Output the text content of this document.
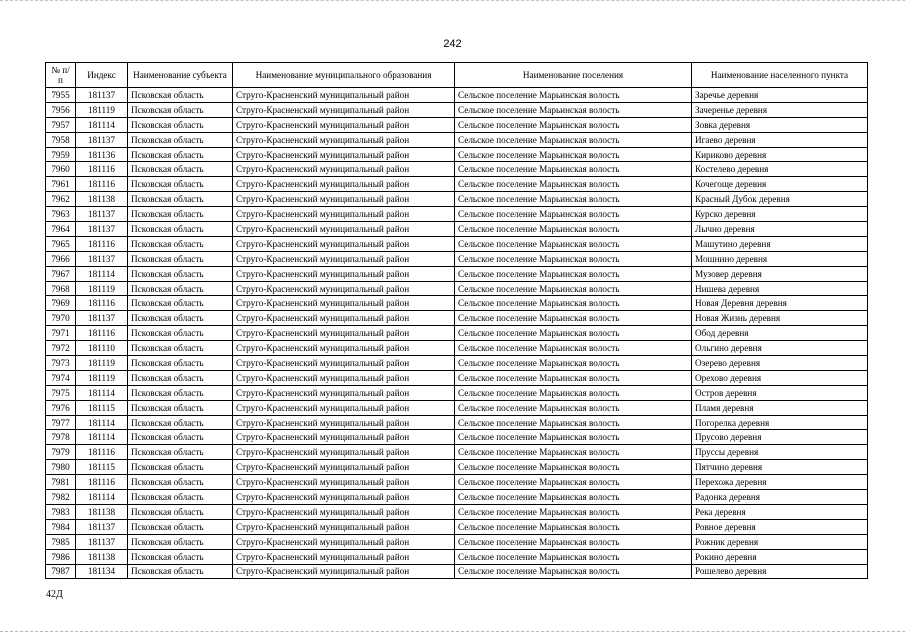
242
№ п/п	Индекс	Наименование субъекта	Наименование муниципального образования	Наименование поселения	Наименование населенного пункта
7955	181137	Псковская область	Струго-Красненский муниципальный район	Сельское поселение Марьинская волость	Заречье деревня
7956	181119	Псковская область	Струго-Красненский муниципальный район	Сельское поселение Марьинская волость	Зачеренье деревня
7957	181114	Псковская область	Струго-Красненский муниципальный район	Сельское поселение Марьинская волость	Зовка деревня
7958	181137	Псковская область	Струго-Красненский муниципальный район	Сельское поселение Марьинская волость	Игаево деревня
7959	181136	Псковская область	Струго-Красненский муниципальный район	Сельское поселение Марьинская волость	Кириково деревня
7960	181116	Псковская область	Струго-Красненский муниципальный район	Сельское поселение Марьинская волость	Костелево деревня
7961	181116	Псковская область	Струго-Красненский муниципальный район	Сельское поселение Марьинская волость	Кочегоще деревня
7962	181138	Псковская область	Струго-Красненский муниципальный район	Сельское поселение Марьинская волость	Красный Дубок деревня
7963	181137	Псковская область	Струго-Красненский муниципальный район	Сельское поселение Марьинская волость	Курско деревня
7964	181137	Псковская область	Струго-Красненский муниципальный район	Сельское поселение Марьинская волость	Лычно деревня
7965	181116	Псковская область	Струго-Красненский муниципальный район	Сельское поселение Марьинская волость	Машутино деревня
7966	181137	Псковская область	Струго-Красненский муниципальный район	Сельское поселение Марьинская волость	Мошнино деревня
7967	181114	Псковская область	Струго-Красненский муниципальный район	Сельское поселение Марьинская волость	Музовер деревня
7968	181119	Псковская область	Струго-Красненский муниципальный район	Сельское поселение Марьинская волость	Нишева деревня
7969	181116	Псковская область	Струго-Красненский муниципальный район	Сельское поселение Марьинская волость	Новая Деревня деревня
7970	181137	Псковская область	Струго-Красненский муниципальный район	Сельское поселение Марьинская волость	Новая Жизнь деревня
7971	181116	Псковская область	Струго-Красненский муниципальный район	Сельское поселение Марьинская волость	Обод деревня
7972	181110	Псковская область	Струго-Красненский муниципальный район	Сельское поселение Марьинская волость	Ольгино деревня
7973	181119	Псковская область	Струго-Красненский муниципальный район	Сельское поселение Марьинская волость	Озерево деревня
7974	181119	Псковская область	Струго-Красненский муниципальный район	Сельское поселение Марьинская волость	Орехово деревня
7975	181114	Псковская область	Струго-Красненский муниципальный район	Сельское поселение Марьинская волость	Остров деревня
7976	181115	Псковская область	Струго-Красненский муниципальный район	Сельское поселение Марьинская волость	Пламя деревня
7977	181114	Псковская область	Струго-Красненский муниципальный район	Сельское поселение Марьинская волость	Погорелка деревня
7978	181114	Псковская область	Струго-Красненский муниципальный район	Сельское поселение Марьинская волость	Прусово деревня
7979	181116	Псковская область	Струго-Красненский муниципальный район	Сельское поселение Марьинская волость	Пруссы деревня
7980	181115	Псковская область	Струго-Красненский муниципальный район	Сельское поселение Марьинская волость	Пятчино деревня
7981	181116	Псковская область	Струго-Красненский муниципальный район	Сельское поселение Марьинская волость	Перехожа деревня
7982	181114	Псковская область	Струго-Красненский муниципальный район	Сельское поселение Марьинская волость	Радонка деревня
7983	181138	Псковская область	Струго-Красненский муниципальный район	Сельское поселение Марьинская волость	Река деревня
7984	181137	Псковская область	Струго-Красненский муниципальный район	Сельское поселение Марьинская волость	Ровное деревня
7985	181137	Псковская область	Струго-Красненский муниципальный район	Сельское поселение Марьинская волость	Рожник деревня
7986	181138	Псковская область	Струго-Красненский муниципальный район	Сельское поселение Марьинская волость	Рокино деревня
7987	181134	Псковская область	Струго-Красненский муниципальный район	Сельское поселение Марьинская волость	Рошелево деревня
42Д
